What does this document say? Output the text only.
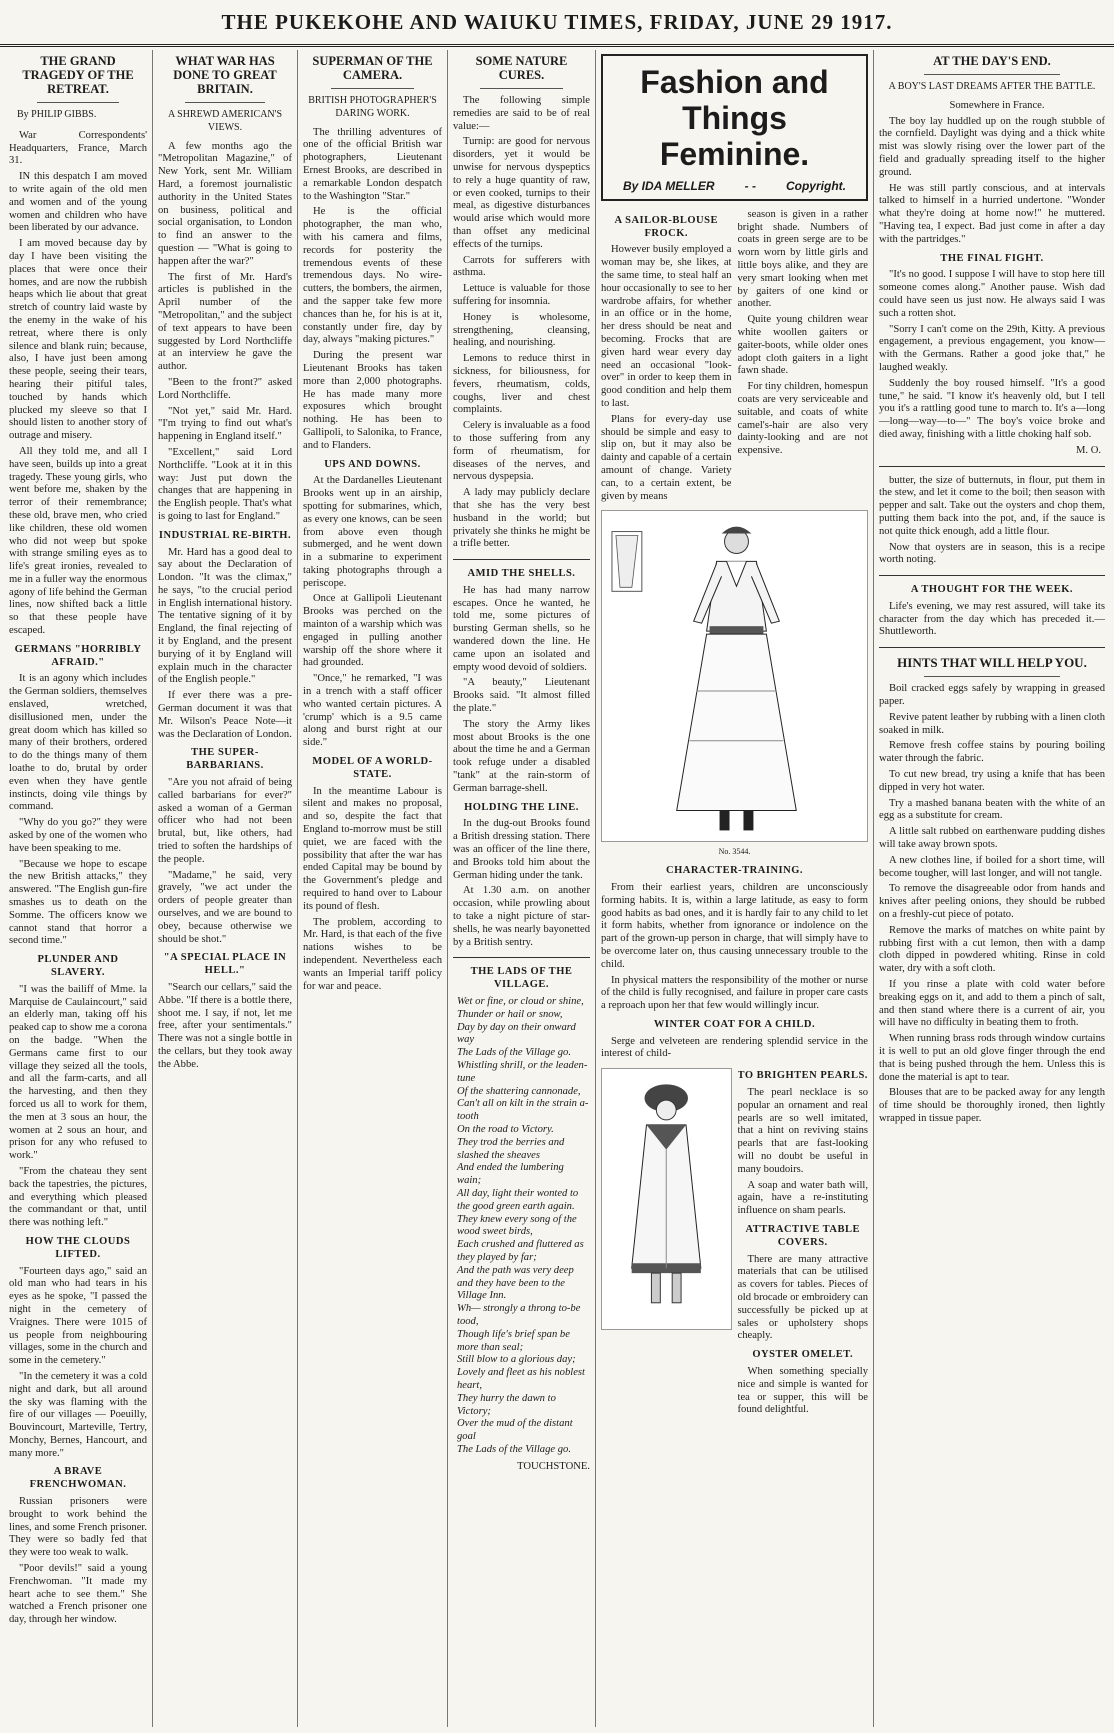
THE PUKEKOHE AND WAIUKU TIMES, FRIDAY, JUNE 29 1917.
THE GRAND TRAGEDY OF THE RETREAT.
By PHILIP GIBBS.

War Correspondents' Headquarters, France, March 31.

IN this despatch I am moved to write again of the old men and women and of the young women and children who have been liberated by our advance.

I am moved because day by day I have been visiting the places that were once their homes, and are now the rubbish heaps which lie about that great stretch of country laid waste by the enemy in the wake of his retreat, where there is only silence and blank ruin; because, also, I have just been among these people, seeing their tears, hearing their pitiful tales, touched by hands which plucked my sleeve so that I should listen to another story of outrage and misery.

All they told me, and all I have seen, builds up into a great tragedy. These young girls, who went before me, shaken by the terror of their remembrance; these old, brave men, who cried like children, these old women who did not weep but spoke with strange smiling eyes as to life's great ironies, revealed to me in a fuller way the enormous agony of life behind the German lines, now shifted back a little so that these people have escaped.

GERMANS "HORRIBLY AFRAID."

It is an agony which includes the German soldiers, themselves enslaved, wretched, disillusioned men, under the great doom which has killed so many of their brothers, ordered to do the things many of them loathe to do, brutal by order even when they have gentle instincts, doing vile things by command.

"Why do you go?" they were asked by one of the women who have been speaking to me.

"Because we hope to escape the new British attacks," they answered. "The English gun-fire smashes us to death on the Somme. The officers know we cannot stand that horror a second time."

PLUNDER AND SLAVERY.

"I was the bailiff of Mme. la Marquise de Caulaincourt," said an elderly man, taking off his peaked cap to show me a corona on the badge. "When the Germans came first to our village they seized all the tools, and all the farm-carts, and all the harvesting, and then they forced us all to work for them, the men at 3 sous an hour, the women at 2 sous an hour, and prison for any who refused to work."

"From the chateau they sent back the tapestries, the pictures, and everything which pleased the commandant or that, until there was nothing left."

HOW THE CLOUDS LIFTED.

"Fourteen days ago," said an old man who had tears in his eyes as he spoke, "I passed the night in the cemetery of Vraignes. There were 1015 of us people from neighbouring villages, some in the church and some in the cemetery."

"In the cemetery it was a cold night and dark, but all around the sky was flaming with the fire of our villages — Poeuilly, Bouvincourt, Marteville, Tertry, Monchy, Bernes, Hancourt, and many more."

A BRAVE FRENCHWOMAN.

Russian prisoners were brought to work behind the lines, and some French prisoner. They were so badly fed that they were too weak to walk.

"Poor devils!" said a young Frenchwoman. "It made my heart ache to see them." She watched a French prisoner one day, through her window.

WHAT WAR HAS DONE TO GREAT BRITAIN.
A SHREWD AMERICAN'S VIEWS.

A few months ago the "Metropolitan Magazine," of New York, sent Mr. William Hard, a foremost journalistic authority in the United States on business, political and social organisation, to London to find an answer to the question — "What is going to happen after the war?"

The first of Mr. Hard's articles is published in the April number of the "Metropolitan," and the subject of text appears to have been suggested by Lord Northcliffe at an interview he gave the author.

"Been to the front?" asked Lord Northcliffe.

"Not yet," said Mr. Hard. "I'm trying to find out what's happening in England itself."

"Excellent," said Lord Northcliffe. "Look at it in this way: Just put down the changes that are happening in the English people. That's what is going to last for England."

INDUSTRIAL RE-BIRTH.

Mr. Hard has a good deal to say about the Declaration of London. "It was the climax," he says, "to the crucial period in English international history. The tentative signing of it by England, the final rejecting of it by England, and the present burying of it by England will explain much in the character of the English people."

If ever there was a pre-German document it was that Mr. Wilson's Peace Note—it was the Declaration of London.

THE SUPER-BARBARIANS.

"Are you not afraid of being called barbarians for ever?" asked a woman of a German officer who had not been brutal, but, like others, had tried to soften the hardships of the people.

"Madame," he said, very gravely, "we act under the orders of people greater than ourselves, and we are bound to obey, because otherwise we should be shot."

"A SPECIAL PLACE IN HELL."

"Search our cellars," said the Abbe. "If there is a bottle there, shoot me. I say, if not, let me free, after your sentimentals." There was not a single bottle in the cellars, but they took away the Abbe.

SUPERMAN OF THE CAMERA.
BRITISH PHOTOGRAPHER'S DARING WORK.

The thrilling adventures of one of the official British war photographers, Lieutenant Ernest Brooks, are described in a remarkable London despatch to the Washington "Star."

He is the official photographer, the man who, with his camera and films, records for posterity the tremendous events of these tremendous days. No wire-cutters, the bombers, the airmen, and the sapper take few more chances than he, for his is at it, constantly under fire, day by day, always "making pictures."

During the present war Lieutenant Brooks has taken more than 2,000 photographs. He has made many more exposures which brought nothing. He has been to Gallipoli, to Salonika, to France, and to Flanders.

UPS AND DOWNS.

At the Dardanelles Lieutenant Brooks went up in an airship, spotting for submarines, which, as every one knows, can be seen from above even though submerged, and he went down in a submarine to experiment taking photographs through a periscope.

Once at Gallipoli Lieutenant Brooks was perched on the mainton of a warship which was engaged in pulling another warship off the shore where it had grounded.

"Once," he remarked, "I was in a trench with a staff officer who wanted certain pictures. A 'crump' which is a 9.5 came along and burst right at our side."

MODEL OF A WORLD-STATE.

In the meantime Labour is silent and makes no proposal, and so, despite the fact that England to-morrow must be still quiet, we are faced with the possibility that after the war has ended Capital may be bound by the Government's pledge and required to hand over to Labour its pound of flesh.

The problem, according to Mr. Hard, is that each of the five nations wishes to be independent. Nevertheless each wants an Imperial tariff policy for war and peace.

SOME NATURE CURES.

The following simple remedies are said to be of real value:—

Turnip: are good for nervous disorders, yet it would be unwise for nervous dyspeptics to rely a huge quantity of raw, or even cooked, turnips to their meal, as digestive disturbances would arise which would more than offset any medicinal effects of the turnips.

Carrots for sufferers with asthma.

Lettuce is valuable for those suffering for insomnia.

Honey is wholesome, strengthening, cleansing, healing, and nourishing.

Lemons to reduce thirst in sickness, for biliousness, for fevers, rheumatism, colds, coughs, liver and chest complaints.

Celery is invaluable as a food to those suffering from any form of rheumatism, for diseases of the nerves, and nervous dyspepsia.

A lady may publicly declare that she has the very best husband in the world; but privately she thinks he might be a trifle better.

AMID THE SHELLS.

He has had many narrow escapes. Once he wanted, he told me, some pictures of bursting German shells, so he wandered down the line. He came upon an isolated and empty wood devoid of soldiers.

"A beauty," Lieutenant Brooks said. "It almost filled the plate."

The story the Army likes most about Brooks is the one about the time he and a German took refuge under a disabled "tank" at the rain-storm of German barrage-shell.

HOLDING THE LINE.

In the dug-out Brooks found a British dressing station. There was an officer of the line there, and Brooks told him about the German hiding under the tank.

At 1.30 a.m. on another occasion, while prowling about to take a night picture of star-shells, he was nearly bayonetted by a British sentry.

THE LADS OF THE VILLAGE.
Wet or fine, or cloud or shine,
Thunder or hail or snow,
Day by day on their onward way
The Lads of the Village go.
Whistling shrill, or the leaden-tune
Of the shattering cannonade,
Can't all on kilt in the strain a-tooth
On the road to Victory.
They trod the berries and slashed the sheaves
And ended the lumbering wain;
All day, light their wonted to the good green earth again.
They knew every song of the wood sweet birds,
Each crushed and fluttered as they played by far;
And the path was very deep and they have been to the Village Inn.
Wh— strongly a throng to-be tood,
Though life's brief span be more than seal;
Still blow to a glorious day;
Lovely and fleet as his noblest heart,
They hurry the dawn to Victory;
Over the mud of the distant goal
The Lads of the Village go.
TOUCHSTONE.
Fashion and Things
Feminine.
By IDA MELLER	- -	Copyright.
A SAILOR-BLOUSE FROCK.

However busily employed a woman may be, she likes, at the same time, to steal half an hour occasionally to see to her wardrobe affairs, for whether in an office or in the home, her dress should be neat and becoming. Frocks that are given hard wear every day need an occasional "look-over" in order to keep them in good condition and help them to last.

Plans for every-day use should be simple and easy to slip on, but it may also be dainty and capable of a certain amount of change. Variety can, to a certain extent, be given by means

season is given in a rather bright shade. Numbers of coats in green serge are to be worn worn by little girls and little boys alike, and they are very smart looking when met by gaiters of one kind or another.

Quite young children wear white woollen gaiters or gaiter-boots, while older ones adopt cloth gaiters in a light fawn shade.

For tiny children, homespun coats are very serviceable and suitable, and coats of white camel's-hair are also very dainty-looking and are not expensive.

No. 3544.
CHARACTER-TRAINING.

From their earliest years, children are unconsciously forming habits. It is, within a large latitude, as easy to form good habits as bad ones, and it is hardly fair to any child to let it form habits, whether from ignorance or indolence on the part of the grown-up person in charge, that will simply have to be overcome later on, thus causing unnecessary trouble to the child.

In physical matters the responsibility of the mother or nurse of the child is fully recognised, and failure in proper care casts a reproach upon her that few would willingly incur.

WINTER COAT FOR A CHILD.

Serge and velveteen are rendering splendid service in the interest of child-

TO BRIGHTEN PEARLS.

The pearl necklace is so popular an ornament and real pearls are so well imitated, that a hint on reviving stains pearls that are fast-looking will no doubt be useful in many boudoirs.

A soap and water bath will, again, have a re-instituting influence on sham pearls.

ATTRACTIVE TABLE COVERS.

There are many attractive materials that can be utilised as covers for tables. Pieces of old brocade or embroidery can successfully be picked up at sales or upholstery shops cheaply.

OYSTER OMELET.

When something specially nice and simple is wanted for tea or supper, this will be found delightful.

AT THE DAY'S END.
A BOY'S LAST DREAMS AFTER THE BATTLE.

Somewhere in France.

The boy lay huddled up on the rough stubble of the cornfield. Daylight was dying and a thick white mist was slowly rising over the lower part of the field and gradually spreading itself to the higher ground.

He was still partly conscious, and at intervals talked to himself in a hurried undertone. "Wonder what they're doing at home now!" he muttered. "Having tea, I expect. Bad just come in after a day with the partridges."

THE FINAL FIGHT.

"It's no good. I suppose I will have to stop here till someone comes along." Another pause. Wish dad could have seen us just now. He always said I was such a rotten shot.

"Sorry I can't come on the 29th, Kitty. A previous engagement, a previous engagement, you know— with the Germans. Rather a good joke that," he laughed weakly.

Suddenly the boy roused himself. "It's a good tune," he said. "I know it's heavenly old, but I tell you it's a rattling good tune to march to. It's a—long—long—way—to—" The boy's voice broke and died away, finishing with a little choking half sob.

M. O.

butter, the size of butternuts, in flour, put them in the stew, and let it come to the boil; then season with pepper and salt. Take out the oysters and chop them, putting them back into the pot, and, if the sauce is not quite thick enough, add a little flour.

Now that oysters are in season, this is a recipe worth noting.

A THOUGHT FOR THE WEEK.

Life's evening, we may rest assured, will take its character from the day which has preceded it.—Shuttleworth.

HINTS THAT WILL HELP YOU.

Boil cracked eggs safely by wrapping in greased paper.

Revive patent leather by rubbing with a linen cloth soaked in milk.

Remove fresh coffee stains by pouring boiling water through the fabric.

To cut new bread, try using a knife that has been dipped in very hot water.

Try a mashed banana beaten with the white of an egg as a substitute for cream.

A little salt rubbed on earthenware pudding dishes will take away brown spots.

A new clothes line, if boiled for a short time, will become tougher, will last longer, and will not tangle.

To remove the disagreeable odor from hands and knives after peeling onions, they should be rubbed on a freshly-cut piece of potato.

Remove the marks of matches on white paint by rubbing first with a cut lemon, then with a damp cloth dipped in powdered whiting. Rinse in cold water, dry with a soft cloth.

If you rinse a plate with cold water before breaking eggs on it, and add to them a pinch of salt, and then stand where there is a current of air, you will have no difficulty in beating them to froth.

When running brass rods through window curtains it is well to put an old glove finger through the end that is being pushed through the hem. Unless this is done the material is apt to tear.

Blouses that are to be packed away for any length of time should be thoroughly ironed, then lightly wrapped in tissue paper.
